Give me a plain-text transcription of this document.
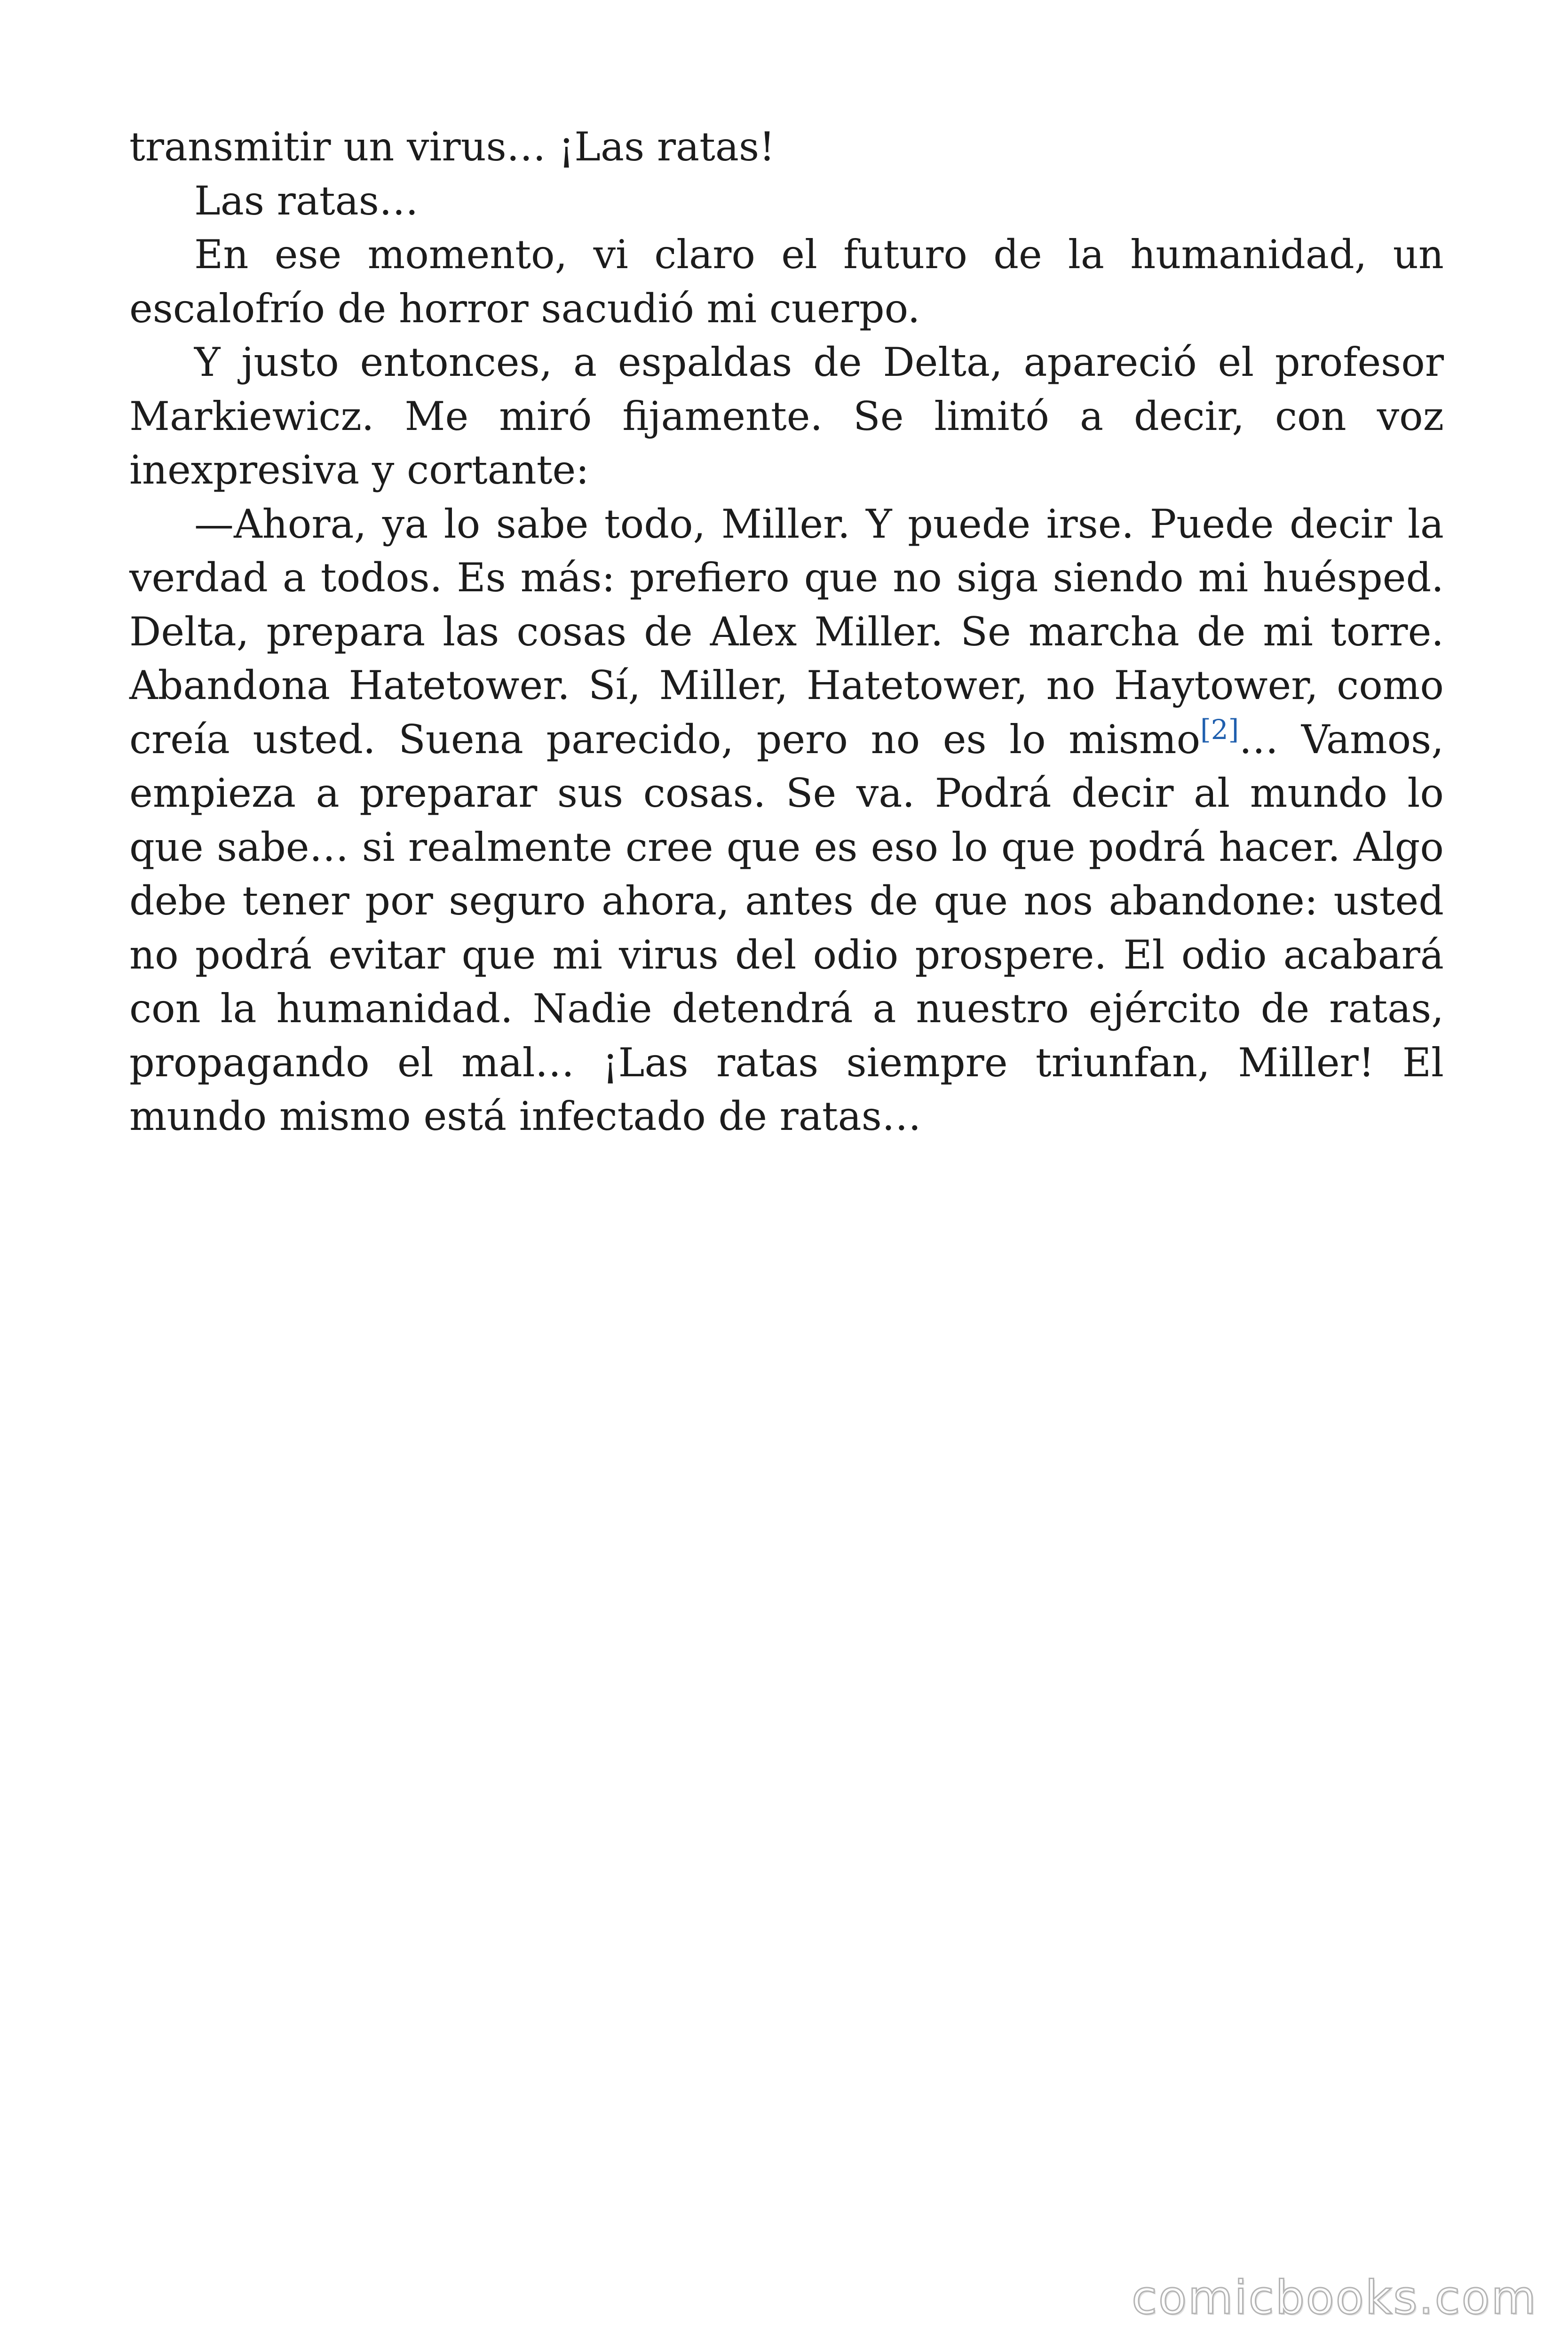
transmitir un virus… ¡Las ratas!

Las ratas…

En ese momento, vi claro el futuro de la humanidad, un escalofrío de horror sacudió mi cuerpo.

Y justo entonces, a espaldas de Delta, apareció el profesor Markiewicz. Me miró fijamente. Se limitó a decir, con voz inexpresiva y cortante:

—Ahora, ya lo sabe todo, Miller. Y puede irse. Puede decir la verdad a todos. Es más: prefiero que no siga siendo mi huésped. Delta, prepara las cosas de Alex Miller. Se marcha de mi torre. Abandona Hatetower. Sí, Miller, Hatetower, no Haytower, como creía usted. Suena parecido, pero no es lo mismo[2]… Vamos, empieza a preparar sus cosas. Se va. Podrá decir al mundo lo que sabe… si realmente cree que es eso lo que podrá hacer. Algo debe tener por seguro ahora, antes de que nos abandone: usted no podrá evitar que mi virus del odio prospere. El odio acabará con la humanidad. Nadie detendrá a nuestro ejército de ratas, propagando el mal… ¡Las ratas siempre triunfan, Miller! El mundo mismo está infectado de ratas…

comicbooks.com
